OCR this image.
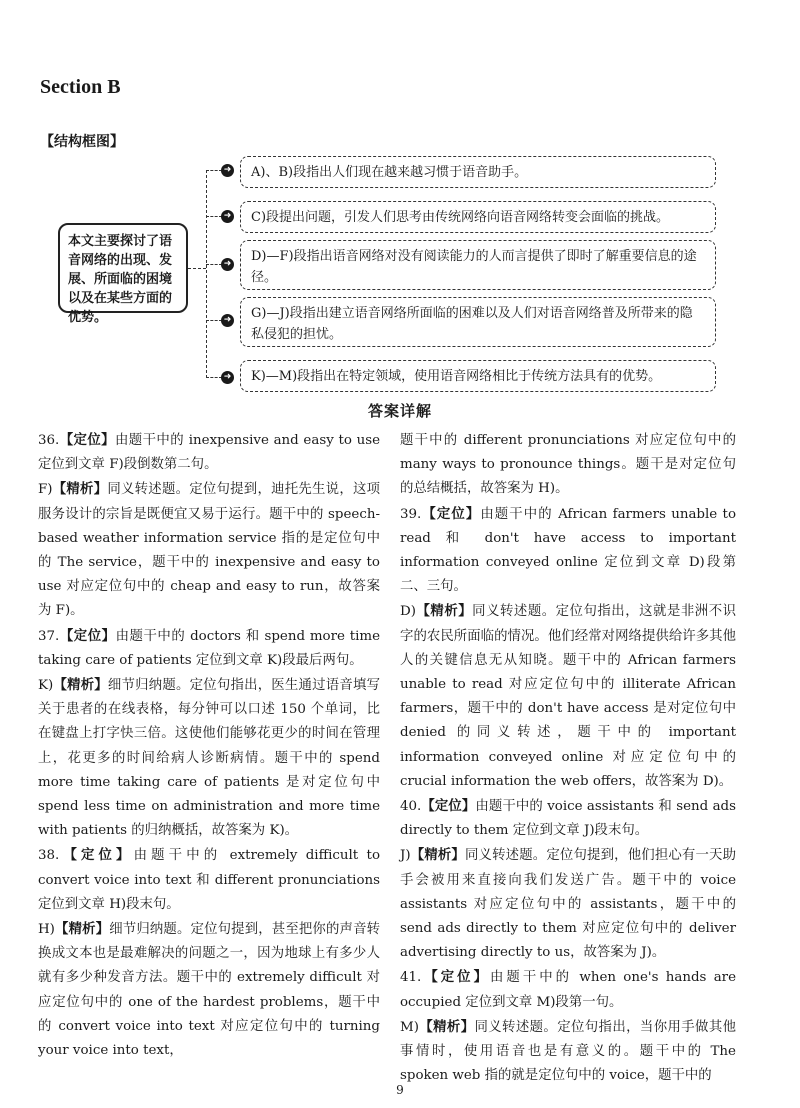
Section B
【结构框图】
本文主要探讨了语音网络的出现、发展、所面临的困境以及在某些方面的优势。
➜	A)、B)段指出人们现在越来越习惯于语音助手。
➜	C)段提出问题，引发人们思考由传统网络向语音网络转变会面临的挑战。
➜	D)—F)段指出语音网络对没有阅读能力的人而言提供了即时了解重要信息的途径。
➜	G)—J)段指出建立语音网络所面临的困难以及人们对语音网络普及所带来的隐私侵犯的担忧。
➜	K)—M)段指出在特定领域，使用语音网络相比于传统方法具有的优势。
答案详解

36.【定位】由题干中的 inexpensive and easy to use 定位到文章 F)段倒数第二句。

F)【精析】同义转述题。定位句提到，迪托先生说，这项服务设计的宗旨是既便宜又易于运行。题干中的 speech-based weather information service 指的是定位句中的 The service，题干中的 inexpensive and easy to use 对应定位句中的 cheap and easy to run，故答案为 F)。

37.【定位】由题干中的 doctors 和 spend more time taking care of patients 定位到文章 K)段最后两句。

K)【精析】细节归纳题。定位句指出，医生通过语音填写关于患者的在线表格，每分钟可以口述 150 个单词，比在键盘上打字快三倍。这使他们能够花更少的时间在管理上，花更多的时间给病人诊断病情。题干中的 spend more time taking care of patients 是对定位句中 spend less time on administration and more time with patients 的归纳概括，故答案为 K)。

38.【定位】由题干中的 extremely difficult to convert voice into text 和 different pronunciations 定位到文章 H)段末句。

H)【精析】细节归纳题。定位句提到，甚至把你的声音转换成文本也是最难解决的问题之一，因为地球上有多少人就有多少种发音方法。题干中的 extremely difficult 对应定位句中的 one of the hardest problems，题干中的 convert voice into text 对应定位句中的 turning your voice into text，

题干中的 different pronunciations 对应定位句中的 many ways to pronounce things。题干是对定位句的总结概括，故答案为 H)。

39.【定位】由题干中的 African farmers unable to read 和 don't have access to important information conveyed online 定位到文章 D)段第二、三句。

D)【精析】同义转述题。定位句指出，这就是非洲不识字的农民所面临的情况。他们经常对网络提供给许多其他人的关键信息无从知晓。题干中的 African farmers unable to read 对应定位句中的 illiterate African farmers，题干中的 don't have access 是对定位句中 denied 的同义转述，题干中的 important information conveyed online 对应定位句中的 crucial information the web offers，故答案为 D)。

40.【定位】由题干中的 voice assistants 和 send ads directly to them 定位到文章 J)段末句。

J)【精析】同义转述题。定位句提到，他们担心有一天助手会被用来直接向我们发送广告。题干中的 voice assistants 对应定位句中的 assistants，题干中的 send ads directly to them 对应定位句中的 deliver advertising directly to us，故答案为 J)。

41.【定位】由题干中的 when one's hands are occupied 定位到文章 M)段第一句。

M)【精析】同义转述题。定位句指出，当你用手做其他事情时，使用语音也是有意义的。题干中的 The spoken web 指的就是定位句中的 voice，题干中的

9
